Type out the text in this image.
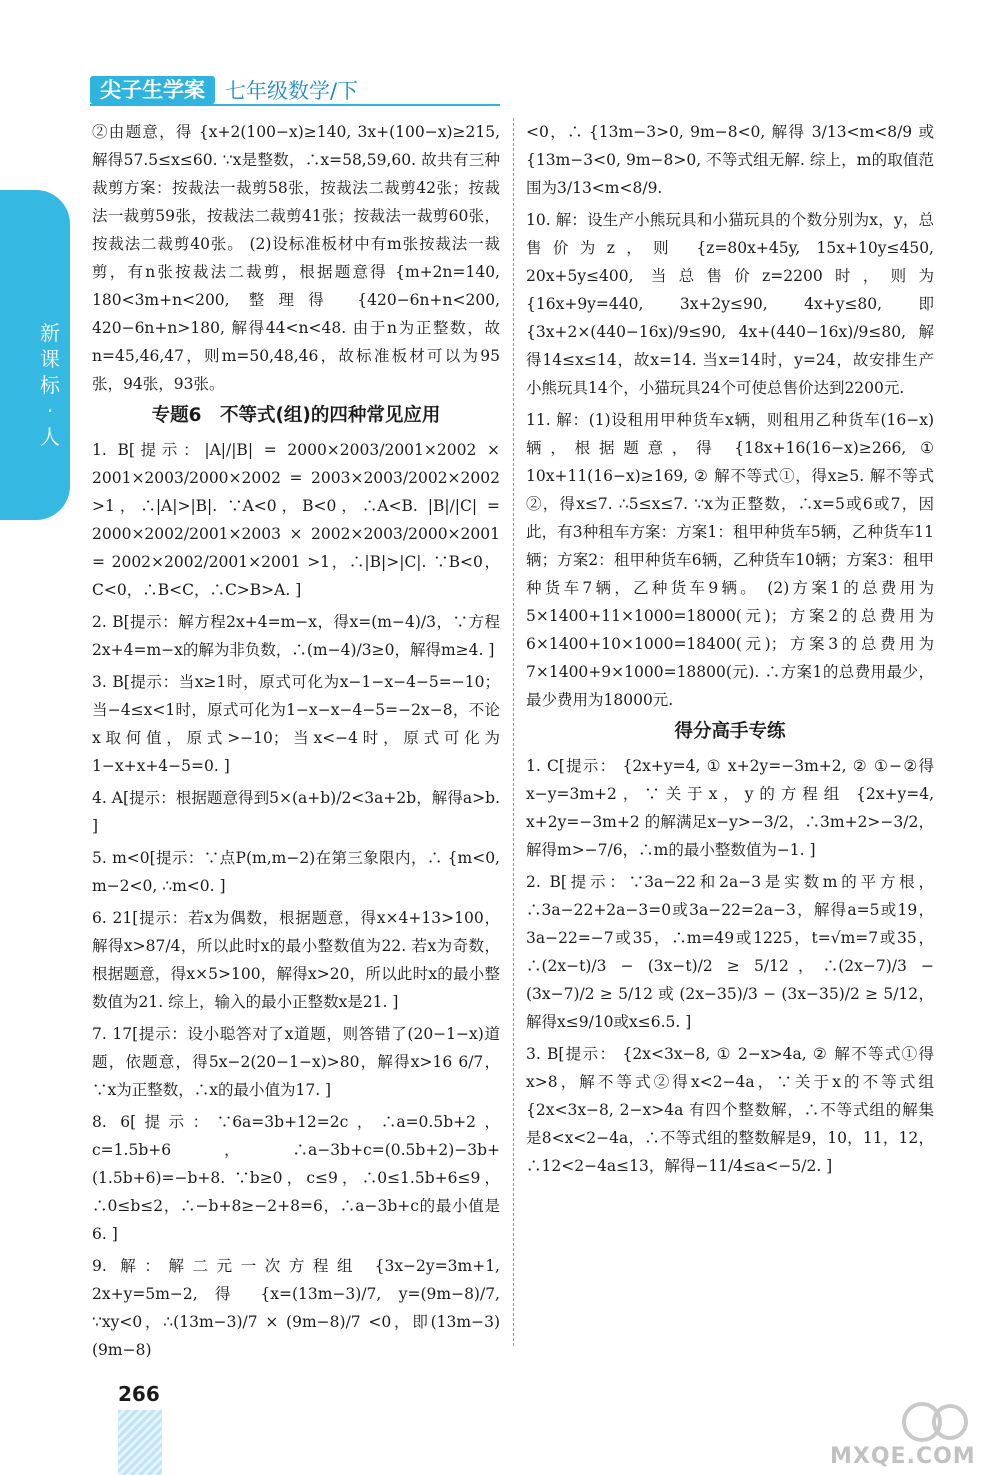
尖子生学案 七年级数学/下
新课标·人

②由题意，得 {x+2(100−x)≥140, 3x+(100−x)≥215, 解得57.5≤x≤60. ∵x是整数，∴x=58,59,60. 故共有三种裁剪方案：按裁法一裁剪58张，按裁法二裁剪42张；按裁法一裁剪59张，按裁法二裁剪41张；按裁法一裁剪60张，按裁法二裁剪40张。 (2)设标准板材中有m张按裁法一裁剪，有n张按裁法二裁剪，根据题意得 {m+2n=140, 180<3m+n<200, 整理得 {420−6n+n<200, 420−6n+n>180, 解得44<n<48. 由于n为正整数，故n=45,46,47，则m=50,48,46，故标准板材可以为95张，94张，93张。

专题6　不等式(组)的四种常见应用

1. B[提示：|A|/|B| = 2000×2003/2001×2002 × 2001×2003/2000×2002 = 2003×2003/2002×2002 >1，∴|A|>|B|. ∵A<0，B<0，∴A<B. |B|/|C| = 2000×2002/2001×2003 × 2002×2003/2000×2001 = 2002×2002/2001×2001 >1，∴|B|>|C|. ∵B<0，C<0，∴B<C，∴C>B>A. ]

2. B[提示：解方程2x+4=m−x，得x=(m−4)/3，∵方程2x+4=m−x的解为非负数，∴(m−4)/3≥0，解得m≥4. ]

3. B[提示：当x≥1时，原式可化为x−1−x−4−5=−10；当−4≤x<1时，原式可化为1−x−x−4−5=−2x−8，不论x取何值，原式>−10；当x<−4时，原式可化为1−x+x+4−5=0. ]

4. A[提示：根据题意得到5×(a+b)/2<3a+2b，解得a>b. ]

5. m<0[提示：∵点P(m,m−2)在第三象限内，∴ {m<0, m−2<0, ∴m<0. ]

6. 21[提示：若x为偶数，根据题意，得x×4+13>100，解得x>87/4，所以此时x的最小整数值为22. 若x为奇数，根据题意，得x×5>100，解得x>20，所以此时x的最小整数值为21. 综上，输入的最小正整数x是21. ]

7. 17[提示：设小聪答对了x道题，则答错了(20−1−x)道题，依题意，得5x−2(20−1−x)>80，解得x>16 6/7，∵x为正整数，∴x的最小值为17. ]

8. 6[提示：∵6a=3b+12=2c，∴a=0.5b+2，c=1.5b+6，∴a−3b+c=(0.5b+2)−3b+(1.5b+6)=−b+8. ∵b≥0，c≤9，∴0≤1.5b+6≤9，∴0≤b≤2，∴−b+8≥−2+8=6，∴a−3b+c的最小值是6. ]

9. 解：解二元一次方程组 {3x−2y=3m+1, 2x+y=5m−2, 得 {x=(13m−3)/7, y=(9m−8)/7, ∵xy<0，∴(13m−3)/7 × (9m−8)/7 <0，即(13m−3)(9m−8)

<0，∴ {13m−3>0, 9m−8<0, 解得 3/13<m<8/9 或 {13m−3<0, 9m−8>0, 不等式组无解. 综上，m的取值范围为3/13<m<8/9.

10. 解：设生产小熊玩具和小猫玩具的个数分别为x，y，总售价为z，则 {z=80x+45y, 15x+10y≤450, 20x+5y≤400, 当总售价z=2200时，则为 {16x+9y=440, 3x+2y≤90, 4x+y≤80, 即 {3x+2×(440−16x)/9≤90, 4x+(440−16x)/9≤80, 解得14≤x≤14，故x=14. 当x=14时，y=24，故安排生产小熊玩具14个，小猫玩具24个可使总售价达到2200元.

11. 解：(1)设租用甲种货车x辆，则租用乙种货车(16−x)辆，根据题意，得 {18x+16(16−x)≥266, ① 10x+11(16−x)≥169, ② 解不等式①，得x≥5. 解不等式②，得x≤7. ∴5≤x≤7. ∵x为正整数，∴x=5或6或7，因此，有3种租车方案：方案1：租甲种货车5辆，乙种货车11辆；方案2：租甲种货车6辆，乙种货车10辆；方案3：租甲种货车7辆，乙种货车9辆。 (2)方案1的总费用为5×1400+11×1000=18000(元)；方案2的总费用为6×1400+10×1000=18400(元)；方案3的总费用为7×1400+9×1000=18800(元). ∴方案1的总费用最少，最少费用为18000元.

得分高手专练

1. C[提示： {2x+y=4, ① x+2y=−3m+2, ② ①−②得x−y=3m+2，∵关于x，y的方程组 {2x+y=4, x+2y=−3m+2 的解满足x−y>−3/2，∴3m+2>−3/2，解得m>−7/6，∴m的最小整数值为−1. ]

2. B[提示：∵3a−22和2a−3是实数m的平方根，∴3a−22+2a−3=0或3a−22=2a−3，解得a=5或19，3a−22=−7或35，∴m=49或1225，t=√m=7或35，∴(2x−t)/3 − (3x−t)/2 ≥ 5/12，∴(2x−7)/3 − (3x−7)/2 ≥ 5/12 或 (2x−35)/3 − (3x−35)/2 ≥ 5/12，解得x≤9/10或x≤6.5. ]

3. B[提示： {2x<3x−8, ① 2−x>4a, ② 解不等式①得x>8，解不等式②得x<2−4a，∵关于x的不等式组 {2x<3x−8, 2−x>4a 有四个整数解，∴不等式组的解集是8<x<2−4a，∴不等式组的整数解是9，10，11，12，∴12<2−4a≤13，解得−11/4≤a<−5/2. ]

266
MXQE.COM
